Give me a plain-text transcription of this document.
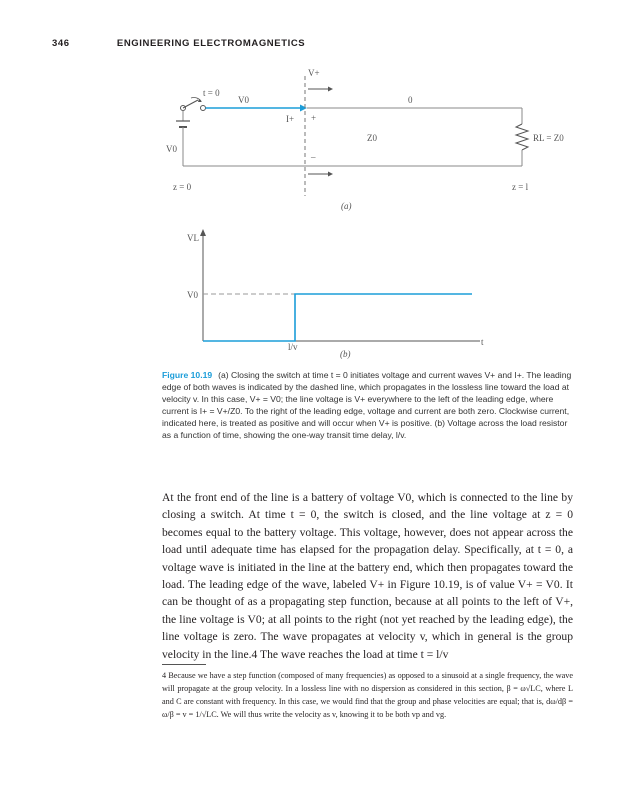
346	ENGINEERING ELECTROMAGNETICS
t = 0
V0
V0
V+
I+ +
–
0
Z0	RL = Z0
z = 0	z = l
(a)
VL
V0
l/v	t
(b)
Figure 10.19 (a) Closing the switch at time t = 0 initiates voltage and current waves V+ and I+. The leading edge of both waves is indicated by the dashed line, which propagates in the lossless line toward the load at velocity v. In this case, V+ = V0; the line voltage is V+ everywhere to the left of the leading edge, where current is I+ = V+/Z0. To the right of the leading edge, voltage and current are both zero. Clockwise current, indicated here, is treated as positive and will occur when V+ is positive. (b) Voltage across the load resistor as a function of time, showing the one-way transit time delay, l/v.
At the front end of the line is a battery of voltage V0, which is connected to the line by closing a switch. At time t = 0, the switch is closed, and the line voltage at z = 0 becomes equal to the battery voltage. This voltage, however, does not appear across the load until adequate time has elapsed for the propagation delay. Specifically, at t = 0, a voltage wave is initiated in the line at the battery end, which then propagates toward the load. The leading edge of the wave, labeled V+ in Figure 10.19, is of value V+ = V0. It can be thought of as a propagating step function, because at all points to the left of V+, the line voltage is V0; at all points to the right (not yet reached by the leading edge), the line voltage is zero. The wave propagates at velocity v, which in general is the group velocity in the line.4 The wave reaches the load at time t = l/v
4 Because we have a step function (composed of many frequencies) as opposed to a sinusoid at a single frequency, the wave will propagate at the group velocity. In a lossless line with no dispersion as considered in this section, β = ω√LC, where L and C are constant with frequency. In this case, we would find that the group and phase velocities are equal; that is, dω/dβ = ω/β = v = 1/√LC. We will thus write the velocity as v, knowing it to be both vp and vg.
